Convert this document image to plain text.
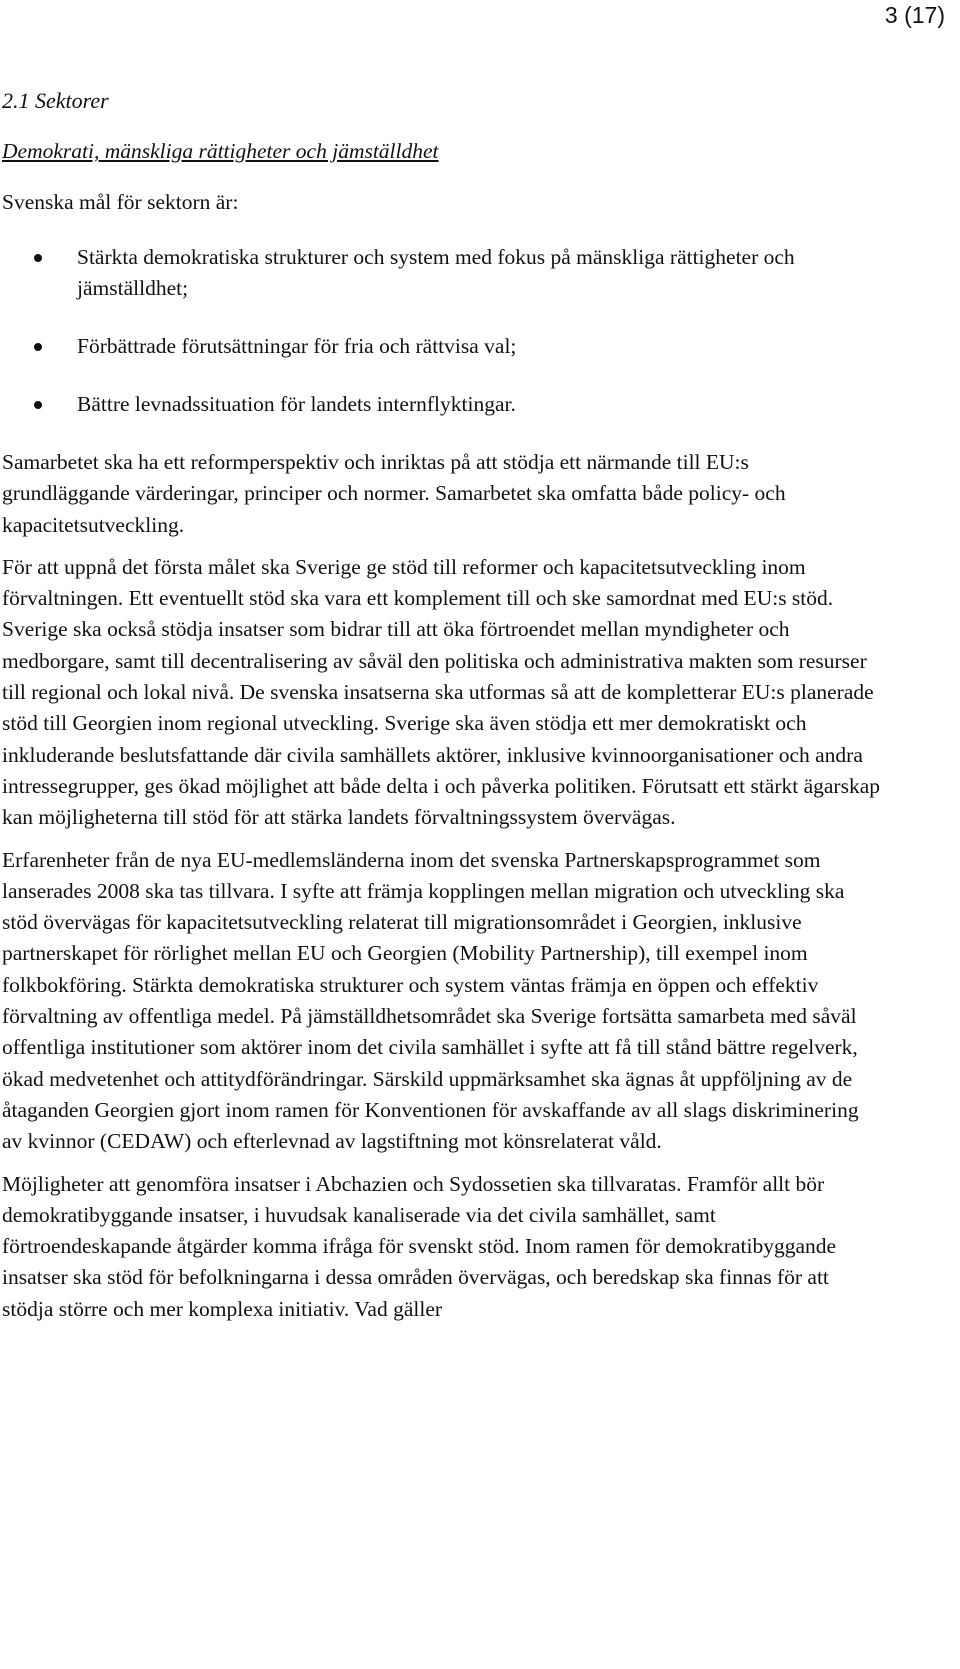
3 (17)
2.1 Sektorer
Demokrati, mänskliga rättigheter och jämställdhet
Svenska mål för sektorn är:
Stärkta demokratiska strukturer och system med fokus på mänskliga rättigheter och jämställdhet;
Förbättrade förutsättningar för fria och rättvisa val;
Bättre levnadssituation för landets internflyktingar.

Samarbetet ska ha ett reformperspektiv och inriktas på att stödja ett närmande till EU:s grundläggande värderingar, principer och normer. Samarbetet ska omfatta både policy- och kapacitetsutveckling.

För att uppnå det första målet ska Sverige ge stöd till reformer och kapacitetsutveckling inom förvaltningen. Ett eventuellt stöd ska vara ett komplement till och ske samordnat med EU:s stöd. Sverige ska också stödja insatser som bidrar till att öka förtroendet mellan myndigheter och medborgare, samt till decentralisering av såväl den politiska och administrativa makten som resurser till regional och lokal nivå. De svenska insatserna ska utformas så att de kompletterar EU:s planerade stöd till Georgien inom regional utveckling. Sverige ska även stödja ett mer demokratiskt och inkluderande beslutsfattande där civila samhällets aktörer, inklusive kvinnoorganisationer och andra intressegrupper, ges ökad möjlighet att både delta i och påverka politiken. Förutsatt ett stärkt ägarskap kan möjligheterna till stöd för att stärka landets förvaltningssystem övervägas.

Erfarenheter från de nya EU-medlemsländerna inom det svenska Partnerskapsprogrammet som lanserades 2008 ska tas tillvara. I syfte att främja kopplingen mellan migration och utveckling ska stöd övervägas för kapacitetsutveckling relaterat till migrationsområdet i Georgien, inklusive partnerskapet för rörlighet mellan EU och Georgien (Mobility Partnership), till exempel inom folkbokföring. Stärkta demokratiska strukturer och system väntas främja en öppen och effektiv förvaltning av offentliga medel. På jämställdhetsområdet ska Sverige fortsätta samarbeta med såväl offentliga institutioner som aktörer inom det civila samhället i syfte att få till stånd bättre regelverk, ökad medvetenhet och attitydförändringar. Särskild uppmärksamhet ska ägnas åt uppföljning av de åtaganden Georgien gjort inom ramen för Konventionen för avskaffande av all slags diskriminering av kvinnor (CEDAW) och efterlevnad av lagstiftning mot könsrelaterat våld.

Möjligheter att genomföra insatser i Abchazien och Sydossetien ska tillvaratas. Framför allt bör demokratibyggande insatser, i huvudsak kanaliserade via det civila samhället, samt förtroendeskapande åtgärder komma ifråga för svenskt stöd. Inom ramen för demokratibyggande insatser ska stöd för befolkningarna i dessa områden övervägas, och beredskap ska finnas för att stödja större och mer komplexa initiativ. Vad gäller
